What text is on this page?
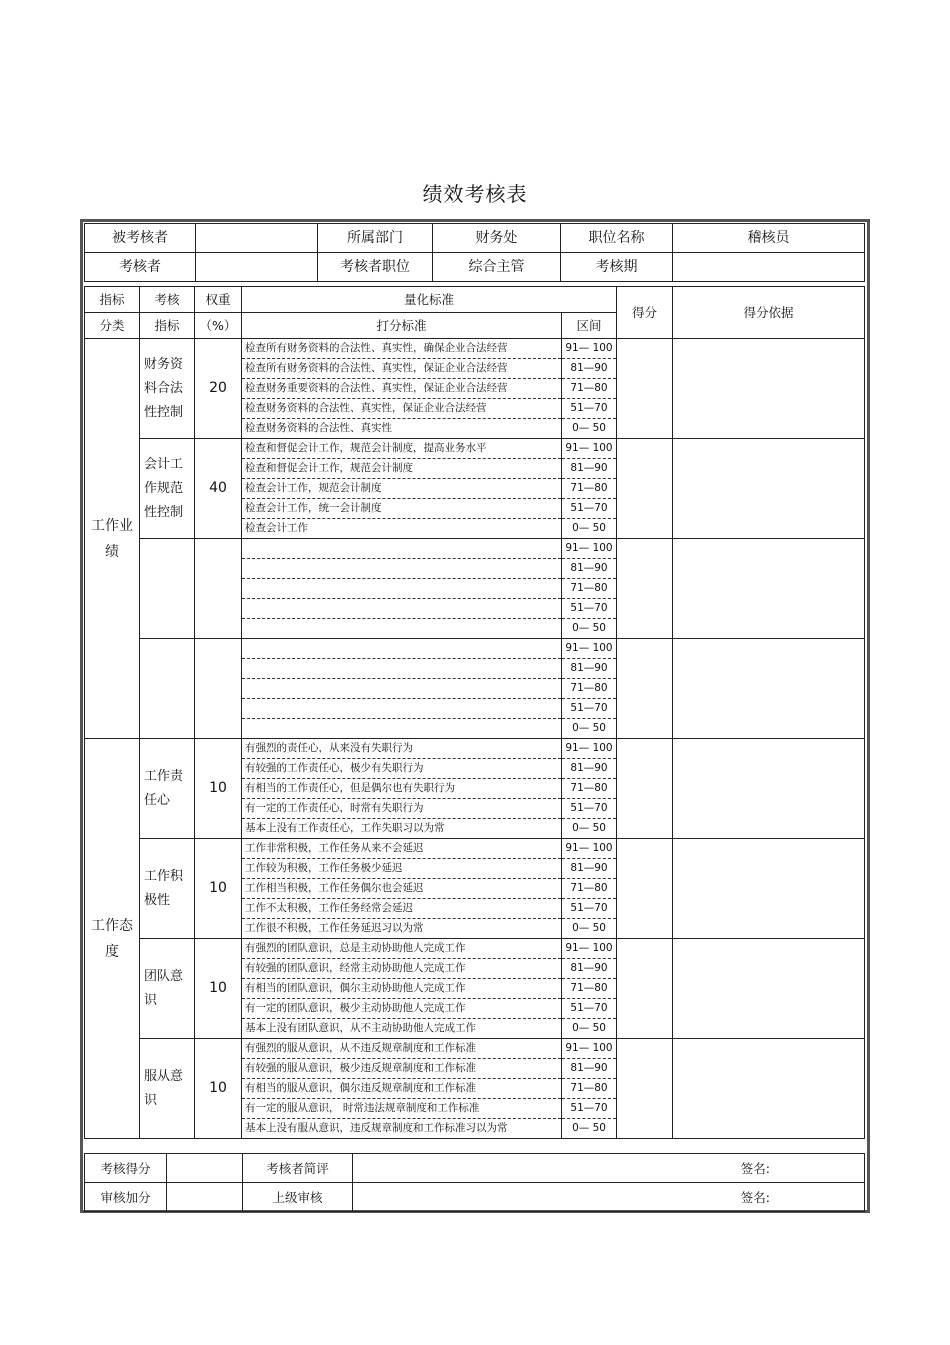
绩效考核表
被考核者		所属部门	财务处	职位名称	稽核员
考核者		考核者职位	综合主管	考核期	
指标	考核	权重	量化标准		得分	得分依据
分类	指标	（%）	打分标准	区间		
工作业绩	财务资料合法性控制	20	检查所有财务资料的合法性、真实性，确保企业合法经营	91— 100		
			检查所有财务资料的合法性、真实性，保证企业合法经营	81—90		
			检查财务重要资料的合法性、真实性，保证企业合法经营	71—80		
			检查财务资料的合法性、真实性，保证企业合法经营	51—70		
			检查财务资料的合法性、真实性	0— 50		
	会计工作规范性控制	40	检查和督促会计工作，规范会计制度，提高业务水平	91— 100		
			检查和督促会计工作，规范会计制度	81—90		
			检查会计工作，规范会计制度	71—80		
			检查会计工作，统一会计制度	51—70		
			检查会计工作	0— 50		
				91— 100		
				81—90		
				71—80		
				51—70		
				0— 50		
				91— 100		
				81—90		
				71—80		
				51—70		
				0— 50		
工作态度	工作责任心	10	有强烈的责任心，从来没有失职行为	91— 100		
			有较强的工作责任心，极少有失职行为	81—90		
			有相当的工作责任心，但是偶尔也有失职行为	71—80		
			有一定的工作责任心，时常有失职行为	51—70		
			基本上没有工作责任心，工作失职习以为常	0— 50		
	工作积极性	10	工作非常积极，工作任务从来不会延迟	91— 100		
			工作较为积极，工作任务极少延迟	81—90		
			工作相当积极，工作任务偶尔也会延迟	71—80		
			工作不太积极，工作任务经常会延迟	51—70		
			工作很不积极，工作任务延迟习以为常	0— 50		
	团队意识	10	有强烈的团队意识，总是主动协助他人完成工作	91— 100		
			有较强的团队意识，经常主动协助他人完成工作	81—90		
			有相当的团队意识，偶尔主动协助他人完成工作	71—80		
			有一定的团队意识，极少主动协助他人完成工作	51—70		
			基本上没有团队意识，从不主动协助他人完成工作	0— 50		
	服从意识	10	有强烈的服从意识，从不违反规章制度和工作标准	91— 100		
			有较强的服从意识，极少违反规章制度和工作标准	81—90		
			有相当的服从意识，偶尔违反规章制度和工作标准	71—80		
			有一定的服从意识， 时常违法规章制度和工作标准	51—70		
			基本上没有服从意识，违反规章制度和工作标准习以为常	0— 50		
考核得分		考核者简评	签名:
审核加分		上级审核	签名:
